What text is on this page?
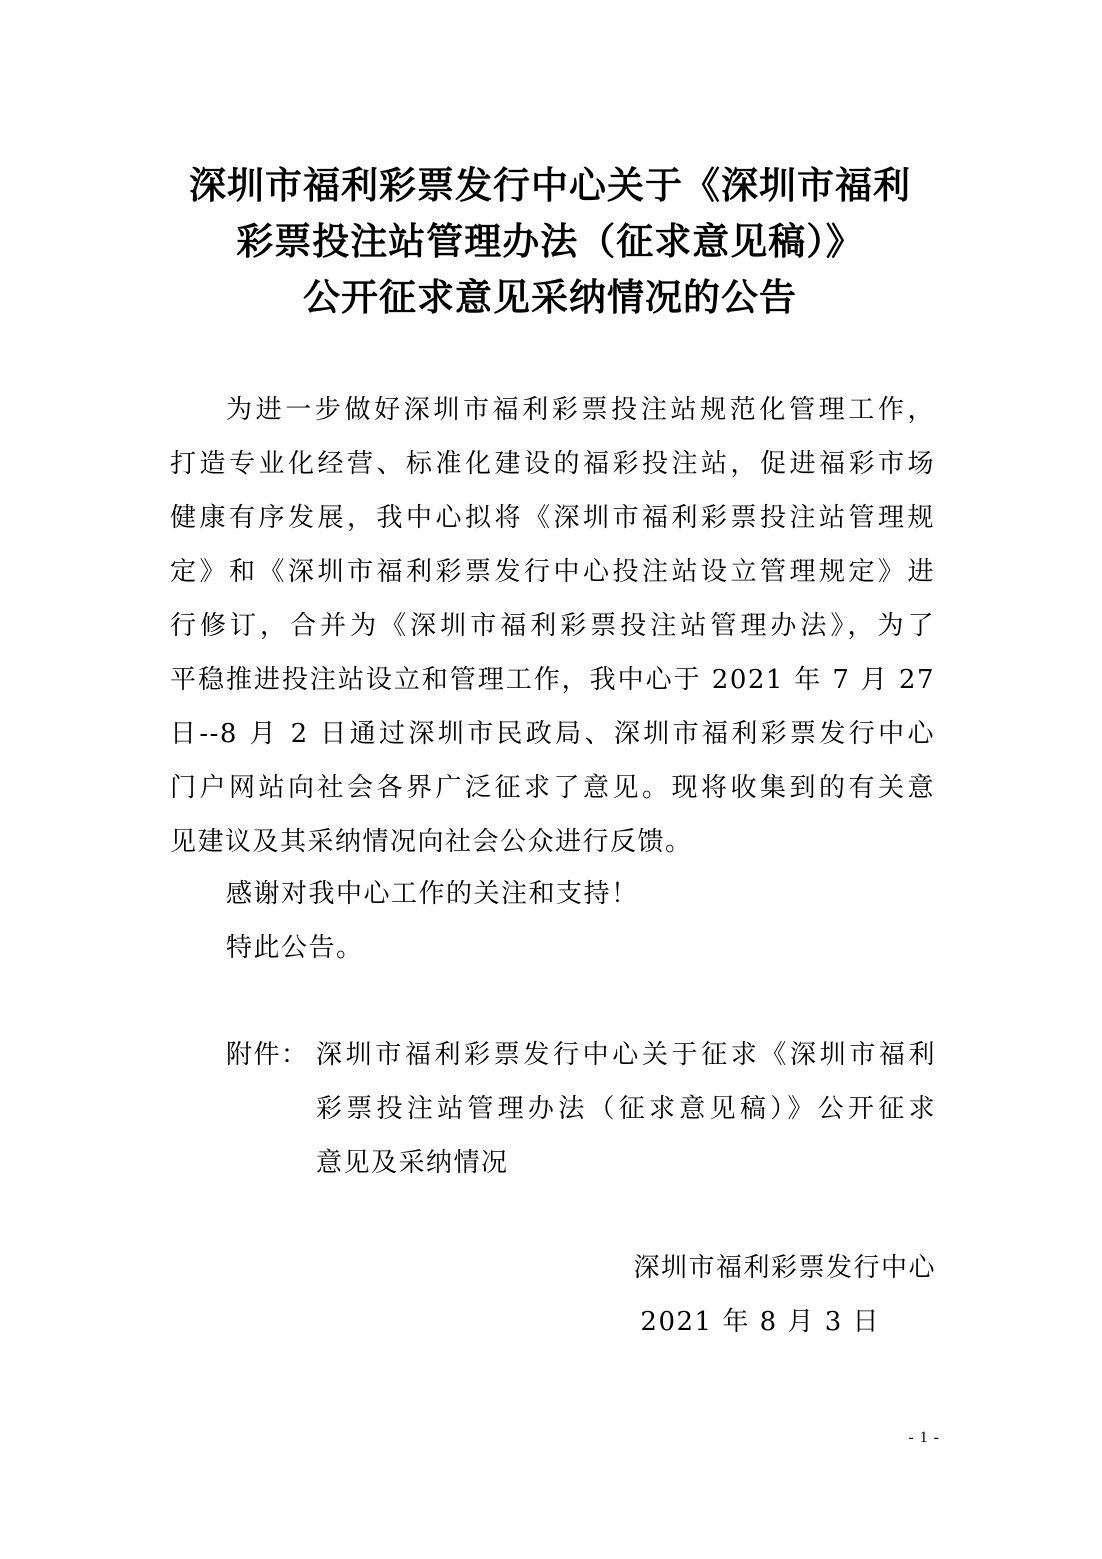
深圳市福利彩票发行中心关于《深圳市福利
彩票投注站管理办法（征求意见稿）》
公开征求意见采纳情况的公告
为进一步做好深圳市福利彩票投注站规范化管理工作，
打造专业化经营、标准化建设的福彩投注站，促进福彩市场
健康有序发展，我中心拟将《深圳市福利彩票投注站管理规
定》和《深圳市福利彩票发行中心投注站设立管理规定》进
行修订，合并为《深圳市福利彩票投注站管理办法》，为了
平稳推进投注站设立和管理工作，我中心于 2021 年 7 月 27
日--8 月 2 日通过深圳市民政局、深圳市福利彩票发行中心
门户网站向社会各界广泛征求了意见。现将收集到的有关意
见建议及其采纳情况向社会公众进行反馈。
感谢对我中心工作的关注和支持！
特此公告。
附件： 深圳市福利彩票发行中心关于征求《深圳市福利
彩票投注站管理办法（征求意见稿）》公开征求
意见及采纳情况
深圳市福利彩票发行中心
2021 年 8 月 3 日
- 1 -
